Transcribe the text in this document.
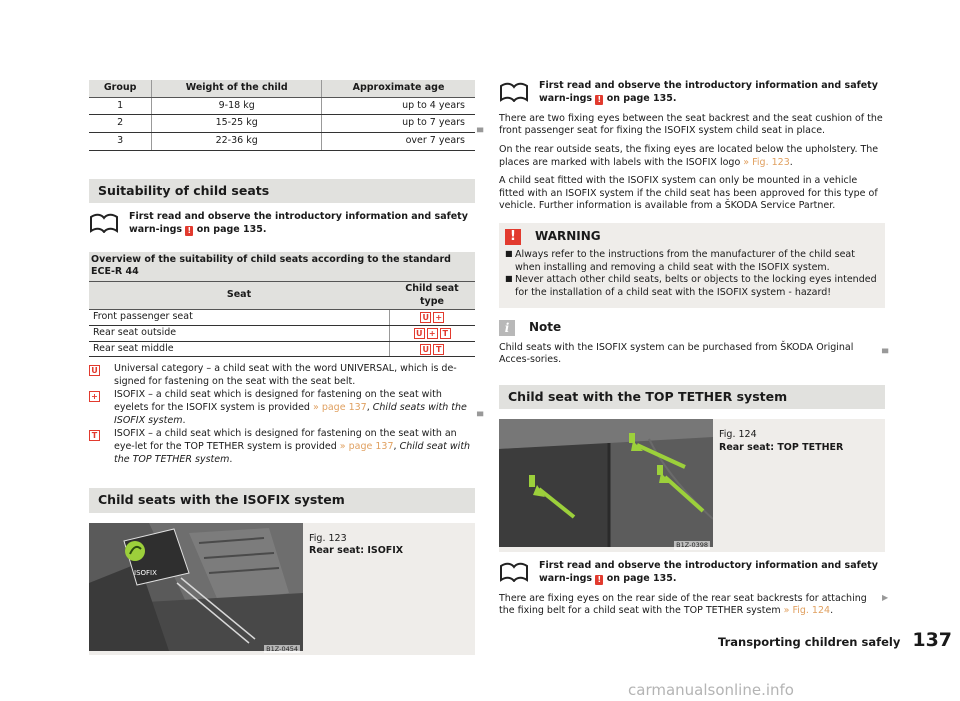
Group	Weight of the child	Approximate age
1	9-18 kg	up to 4 years
2	15-25 kg	up to 7 years
3	22-36 kg	over 7 years
Suitability of child seats
First read and observe the introductory information and safety warn-ings ! on page 135.
Overview of the suitability of child seats according to the standard ECE-R 44	
Seat	Child seat type
Front passenger seat	U +
Rear seat outside	U + T
Rear seat middle	U T
U Universal category – a child seat with the word UNIVERSAL, which is de-signed for fastening on the seat with the seat belt.
+ ISOFIX – a child seat which is designed for fastening on the seat with eyelets for the ISOFIX system is provided » page 137, Child seats with the ISOFIX system.
T ISOFIX – a child seat which is designed for fastening on the seat with an eye-let for the TOP TETHER system is provided » page 137, Child seat with the TOP TETHER system.
Child seats with the ISOFIX system
ISOFIX
B1Z-0454
Fig. 123
Rear seat: ISOFIX
▀
▀
▀
▶
First read and observe the introductory information and safety warn-ings ! on page 135.

There are two fixing eyes between the seat backrest and the seat cushion of the front passenger seat for fixing the ISOFIX system child seat in place.

On the rear outside seats, the fixing eyes are located below the upholstery. The places are marked with labels with the ISOFIX logo » Fig. 123.

A child seat fitted with the ISOFIX system can only be mounted in a vehicle fitted with an ISOFIX system if the child seat has been approved for this type of vehicle. Further information is available from a ŠKODA Service Partner.

!	WARNING
■ Always refer to the instructions from the manufacturer of the child seat when installing and removing a child seat with the ISOFIX system.
■ Never attach other child seats, belts or objects to the locking eyes intended for the installation of a child seat with the ISOFIX system - hazard!
i	Note

Child seats with the ISOFIX system can be purchased from ŠKODA Original Acces-sories.

Child seat with the TOP TETHER system
B1Z-0398
Fig. 124
Rear seat: TOP TETHER
First read and observe the introductory information and safety warn-ings ! on page 135.

There are fixing eyes on the rear side of the rear seat backrests for attaching the fixing belt for a child seat with the TOP TETHER system » Fig. 124.

Transporting children safely 137
carmanualsonline.info
